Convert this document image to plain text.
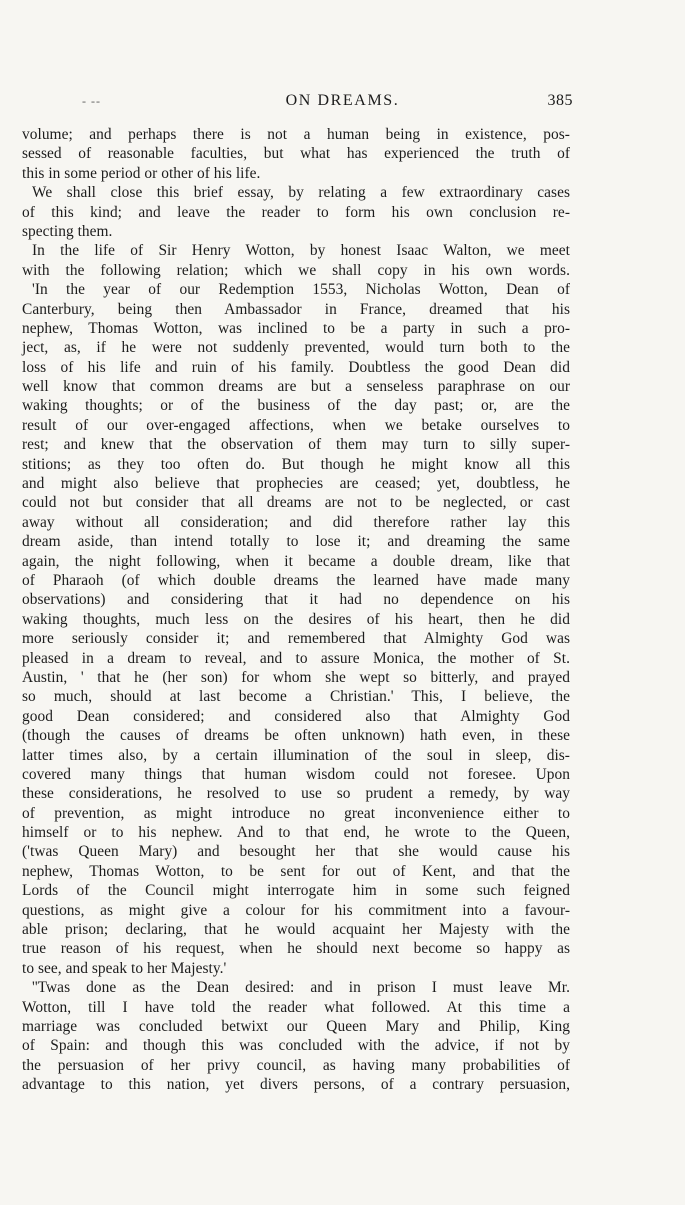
- --	ON DREAMS.	385
volume; and perhaps there is not a human being in existence, pos-
sessed of reasonable faculties, but what has experienced the truth of
this in some period or other of his life.
We shall close this brief essay, by relating a few extraordinary cases
of this kind; and leave the reader to form his own conclusion re-
specting them.
In the life of Sir Henry Wotton, by honest Isaac Walton, we meet
with the following relation; which we shall copy in his own words.
'In the year of our Redemption 1553, Nicholas Wotton, Dean of
Canterbury, being then Ambassador in France, dreamed that his
nephew, Thomas Wotton, was inclined to be a party in such a pro-
ject, as, if he were not suddenly prevented, would turn both to the
loss of his life and ruin of his family. Doubtless the good Dean did
well know that common dreams are but a senseless paraphrase on our
waking thoughts; or of the business of the day past; or, are the
result of our over-engaged affections, when we betake ourselves to
rest; and knew that the observation of them may turn to silly super-
stitions; as they too often do. But though he might know all this
and might also believe that prophecies are ceased; yet, doubtless, he
could not but consider that all dreams are not to be neglected, or cast
away without all consideration; and did therefore rather lay this
dream aside, than intend totally to lose it; and dreaming the same
again, the night following, when it became a double dream, like that
of Pharaoh (of which double dreams the learned have made many
observations) and considering that it had no dependence on his
waking thoughts, much less on the desires of his heart, then he did
more seriously consider it; and remembered that Almighty God was
pleased in a dream to reveal, and to assure Monica, the mother of St.
Austin, ' that he (her son) for whom she wept so bitterly, and prayed
so much, should at last become a Christian.' This, I believe, the
good Dean considered; and considered also that Almighty God
(though the causes of dreams be often unknown) hath even, in these
latter times also, by a certain illumination of the soul in sleep, dis-
covered many things that human wisdom could not foresee. Upon
these considerations, he resolved to use so prudent a remedy, by way
of prevention, as might introduce no great inconvenience either to
himself or to his nephew. And to that end, he wrote to the Queen,
('twas Queen Mary) and besought her that she would cause his
nephew, Thomas Wotton, to be sent for out of Kent, and that the
Lords of the Council might interrogate him in some such feigned
questions, as might give a colour for his commitment into a favour-
able prison; declaring, that he would acquaint her Majesty with the
true reason of his request, when he should next become so happy as
to see, and speak to her Majesty.'
''Twas done as the Dean desired: and in prison I must leave Mr.
Wotton, till I have told the reader what followed. At this time a
marriage was concluded betwixt our Queen Mary and Philip, King
of Spain: and though this was concluded with the advice, if not by
the persuasion of her privy council, as having many probabilities of
advantage to this nation, yet divers persons, of a contrary persuasion,
